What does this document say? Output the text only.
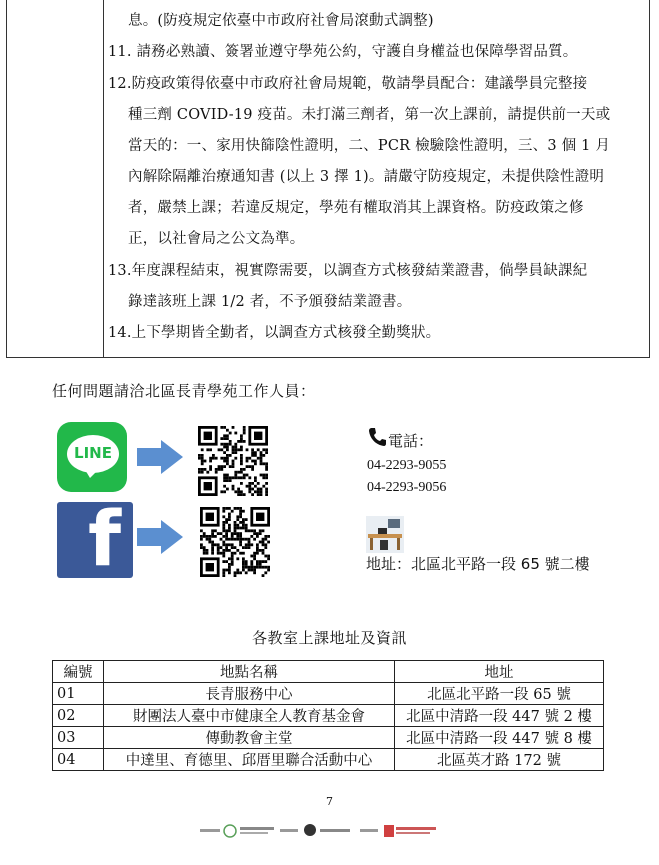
息。(防疫規定依臺中市政府社會局滾動式調整)
11. 請務必熟讀、簽署並遵守學苑公約，守護自身權益也保障學習品質。
12.防疫政策得依臺中市政府社會局規範，敬請學員配合：建議學員完整接
種三劑 COVID-19 疫苗。未打滿三劑者，第一次上課前，請提供前一天或
當天的：一、家用快篩陰性證明，二、PCR 檢驗陰性證明，三、3 個 1 月
內解除隔離治療通知書 (以上 3 擇 1)。請嚴守防疫規定，未提供陰性證明
者，嚴禁上課；若違反規定，學苑有權取消其上課資格。防疫政策之修
正，以社會局之公文為準。
13.年度課程結束，視實際需要，以調查方式核發結業證書，倘學員缺課紀
錄達該班上課 1/2 者，不予頒發結業證書。
14.上下學期皆全勤者，以調查方式核發全勤獎狀。
任何問題請洽北區長青學苑工作人員：
LINE
f
電話：
04-2293-9055
04-2293-9056
地址：北區北平路一段 65 號二樓
各教室上課地址及資訊
編號	地點名稱	地址
01	長青服務中心	北區北平路一段 65 號
02	財團法人臺中市健康全人教育基金會	北區中清路一段 447 號 2 樓
03	傳動教會主堂	北區中清路一段 447 號 8 樓
04	中達里、育德里、邱厝里聯合活動中心	北區英才路 172 號
7
